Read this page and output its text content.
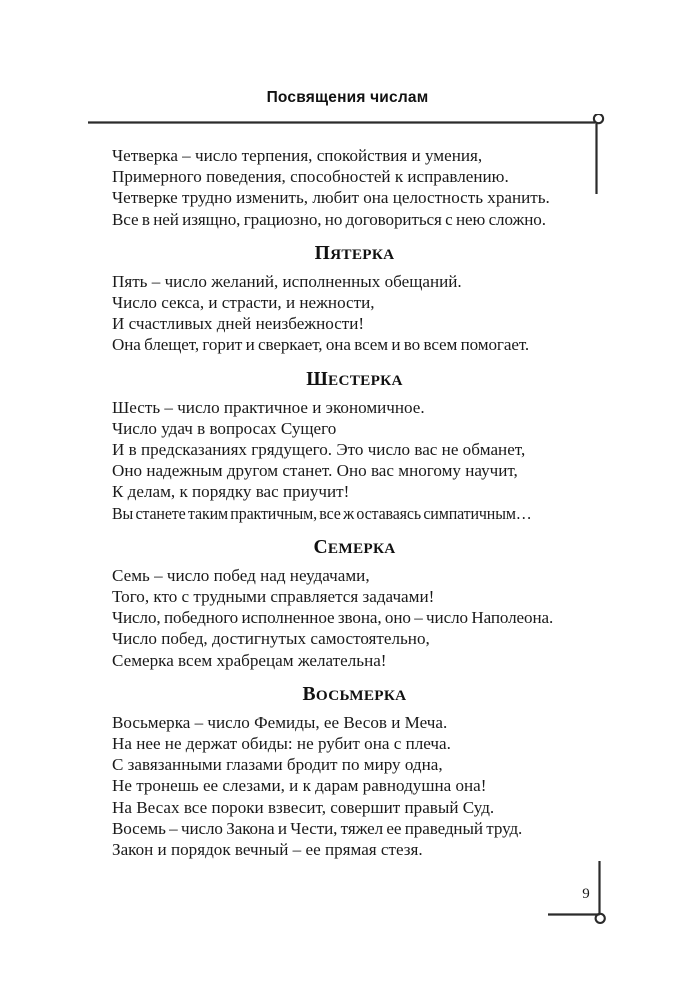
Посвящения числам
Четверка – число терпения, спокойствия и умения,
Примерного поведения, способностей к исправлению.
Четверке трудно изменить, любит она целостность хранить.
Все в ней изящно, грациозно, но договориться с нею сложно.
ПЯТЕРКА
Пять – число желаний, исполненных обещаний.
Число секса, и страсти, и нежности,
И счастливых дней неизбежности!
Она блещет, горит и сверкает, она всем и во всем помогает.
ШЕСТЕРКА
Шесть – число практичное и экономичное.
Число удач в вопросах Сущего
И в предсказаниях грядущего. Это число вас не обманет,
Оно надежным другом станет. Оно вас многому научит,
К делам, к порядку вас приучит!
Вы станете таким практичным, все ж оставаясь симпатичным…
СЕМЕРКА
Семь – число побед над неудачами,
Того, кто с трудными справляется задачами!
Число, победного исполненное звона, оно – число Наполеона.
Число побед, достигнутых самостоятельно,
Семерка всем храбрецам желательна!
ВОСЬМЕРКА
Восьмерка – число Фемиды, ее Весов и Меча.
На нее не держат обиды: не рубит она с плеча.
С завязанными глазами бродит по миру одна,
Не тронешь ее слезами, и к дарам равнодушна она!
На Весах все пороки взвесит, совершит правый Суд.
Восемь – число Закона и Чести, тяжел ее праведный труд.
Закон и порядок вечный – ее прямая стезя.
9
